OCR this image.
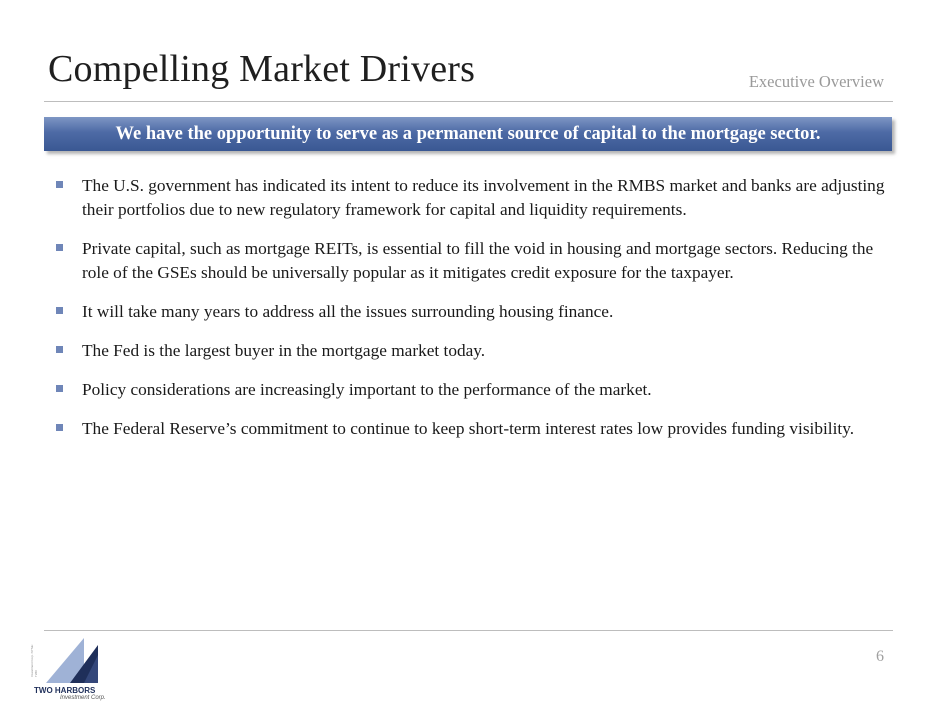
Compelling Market Drivers	Executive Overview
We have the opportunity to serve as a permanent source of capital to the mortgage sector.
The U.S. government has indicated its intent to reduce its involvement in the RMBS market and banks are adjusting their portfolios due to new regulatory framework for capital and liquidity requirements.
Private capital, such as mortgage REITs, is essential to fill the void in housing and mortgage sectors. Reducing the role of the GSEs should be universally popular as it mitigates credit exposure for the taxpayer.
It will take many years to address all the issues surrounding housing finance.
The Fed is the largest buyer in the mortgage market today.
Policy considerations are increasingly important to the performance of the market.
The Federal Reserve’s commitment to continue to keep short-term interest rates low provides funding visibility.
6
Investment Corp. NYSE: TWO
TWO HARBORS
Investment Corp.
